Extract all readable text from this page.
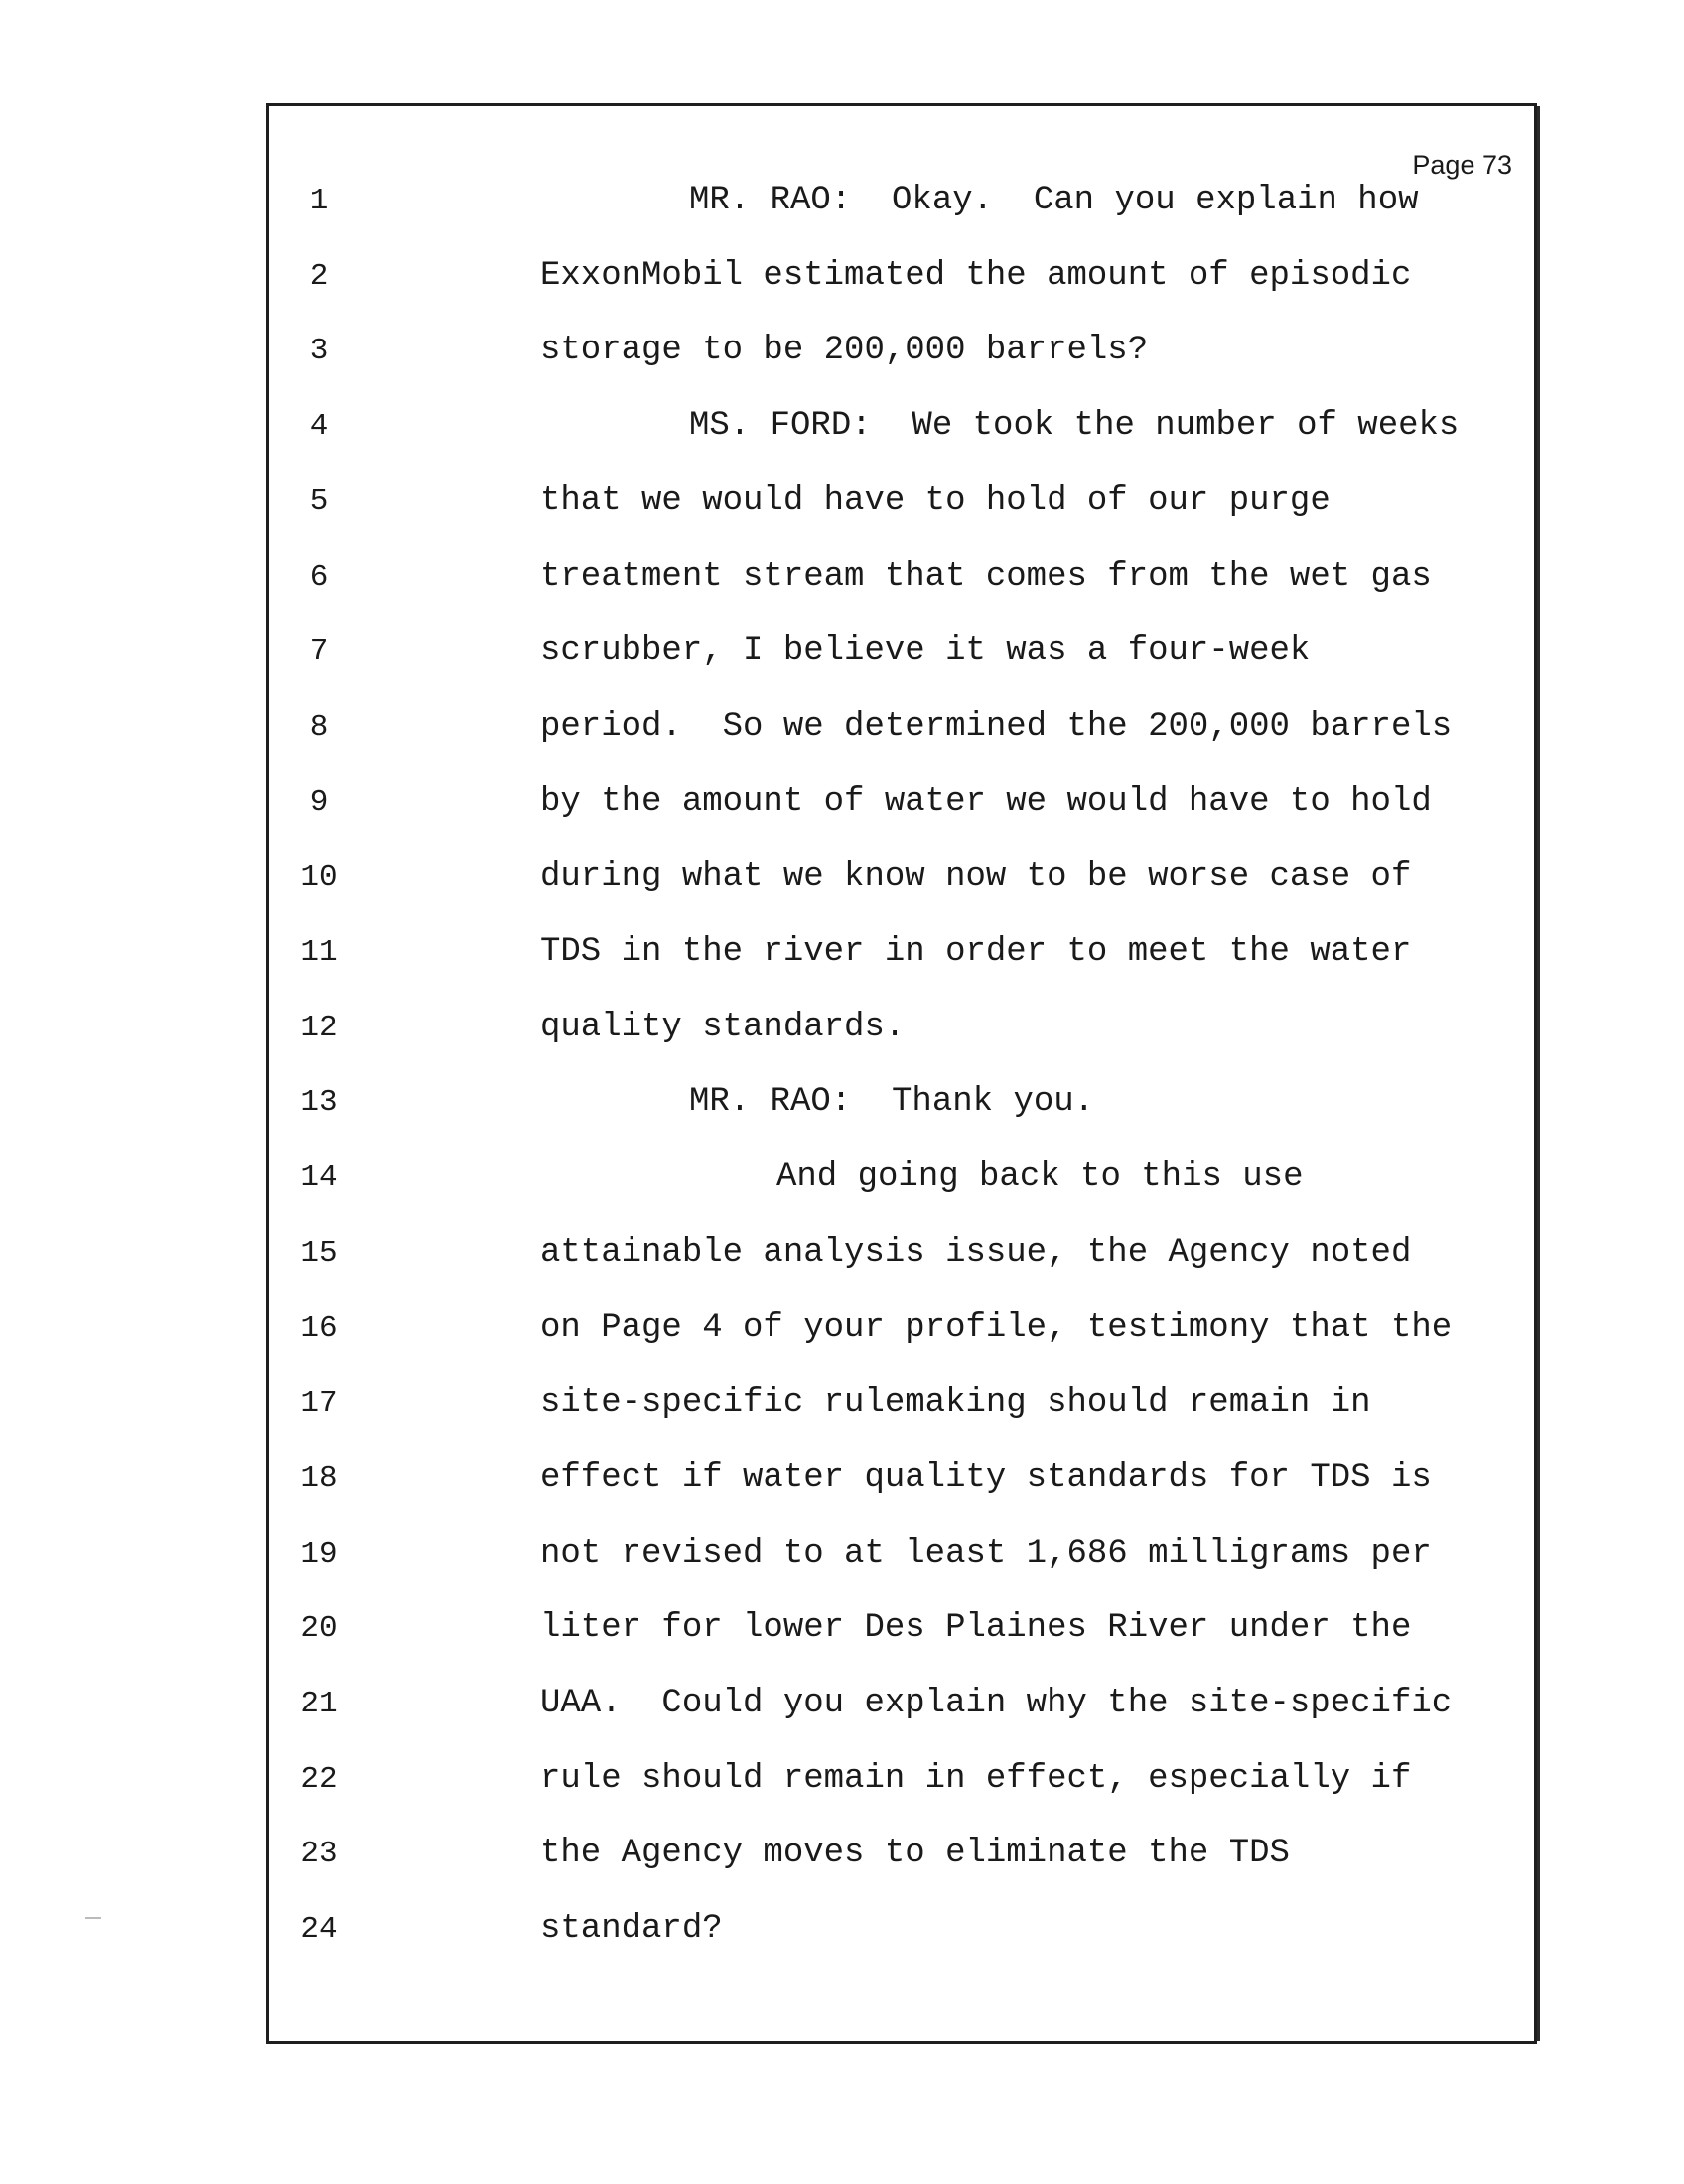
Page 73
1	MR. RAO:  Okay.  Can you explain how
2	ExxonMobil estimated the amount of episodic
3	storage to be 200,000 barrels?
4	MS. FORD:  We took the number of weeks
5	that we would have to hold of our purge
6	treatment stream that comes from the wet gas
7	scrubber, I believe it was a four-week
8	period.  So we determined the 200,000 barrels
9	by the amount of water we would have to hold
10	during what we know now to be worse case of
11	TDS in the river in order to meet the water
12	quality standards.
13	MR. RAO:  Thank you.
14	And going back to this use
15	attainable analysis issue, the Agency noted
16	on Page 4 of your profile, testimony that the
17	site-specific rulemaking should remain in
18	effect if water quality standards for TDS is
19	not revised to at least 1,686 milligrams per
20	liter for lower Des Plaines River under the
21	UAA.  Could you explain why the site-specific
22	rule should remain in effect, especially if
23	the Agency moves to eliminate the TDS
24	standard?
